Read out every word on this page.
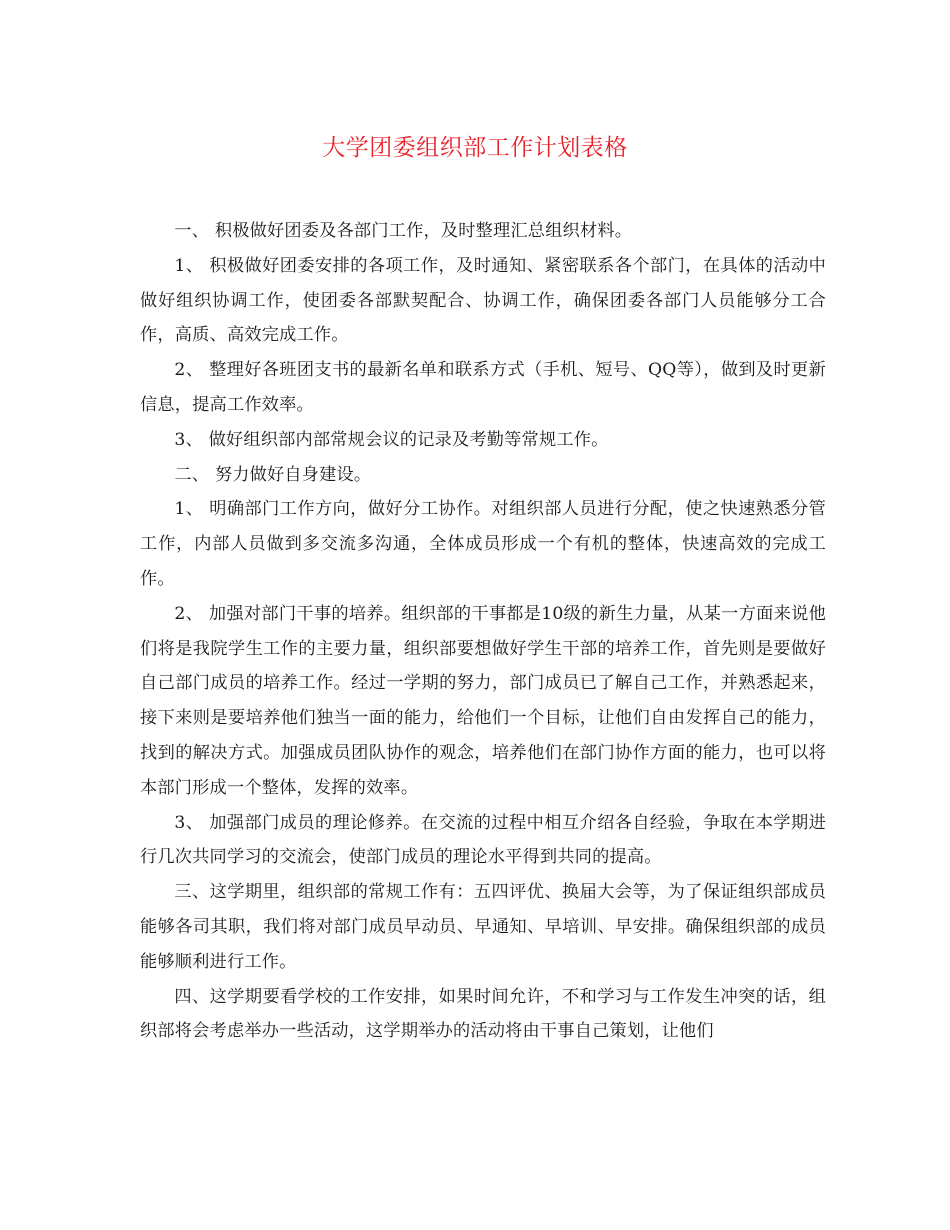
大学团委组织部工作计划表格

一、 积极做好团委及各部门工作，及时整理汇总组织材料。

1、 积极做好团委安排的各项工作，及时通知、紧密联系各个部门，在具体的活动中做好组织协调工作，使团委各部默契配合、协调工作，确保团委各部门人员能够分工合作，高质、高效完成工作。

2、 整理好各班团支书的最新名单和联系方式（手机、短号、QQ等），做到及时更新信息，提高工作效率。

3、 做好组织部内部常规会议的记录及考勤等常规工作。

二、 努力做好自身建设。

1、 明确部门工作方向，做好分工协作。对组织部人员进行分配，使之快速熟悉分管工作，内部人员做到多交流多沟通，全体成员形成一个有机的整体，快速高效的完成工作。

2、 加强对部门干事的培养。组织部的干事都是10级的新生力量，从某一方面来说他们将是我院学生工作的主要力量，组织部要想做好学生干部的培养工作，首先则是要做好自己部门成员的培养工作。经过一学期的努力，部门成员已了解自己工作，并熟悉起来，接下来则是要培养他们独当一面的能力，给他们一个目标，让他们自由发挥自己的能力，找到的解决方式。加强成员团队协作的观念，培养他们在部门协作方面的能力，也可以将本部门形成一个整体，发挥的效率。

3、 加强部门成员的理论修养。在交流的过程中相互介绍各自经验，争取在本学期进行几次共同学习的交流会，使部门成员的理论水平得到共同的提高。

三、这学期里，组织部的常规工作有：五四评优、换届大会等，为了保证组织部成员能够各司其职，我们将对部门成员早动员、早通知、早培训、早安排。确保组织部的成员能够顺利进行工作。

四、这学期要看学校的工作安排，如果时间允许，不和学习与工作发生冲突的话，组织部将会考虑举办一些活动，这学期举办的活动将由干事自己策划，让他们
